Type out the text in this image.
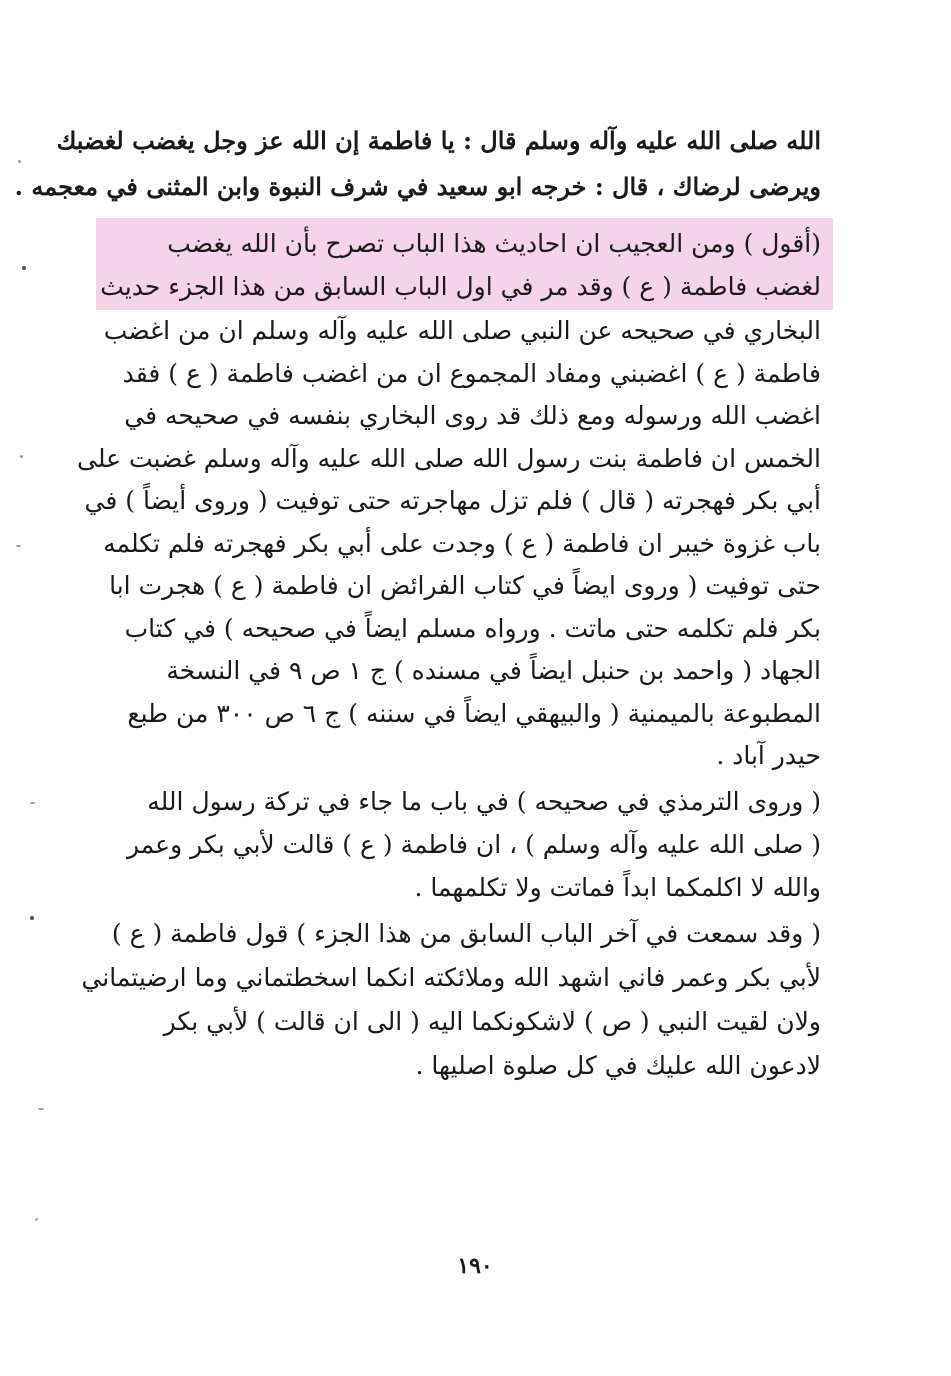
الله صلى الله عليه وآله وسلم قال : يا فاطمة إن الله عز وجل يغضب لغضبك
ويرضى لرضاك ، قال : خرجه ابو سعيد في شرف النبوة وابن المثنى في معجمه .
(أقول ) ومن العجيب ان احاديث هذا الباب تصرح بأن الله يغضب
لغضب فاطمة ( ع ) وقد مر في اول الباب السابق من هذا الجزء حديث
البخاري في صحيحه عن النبي صلى الله عليه وآله وسلم ان من اغضب
فاطمة ( ع ) اغضبني ومفاد المجموع ان من اغضب فاطمة ( ع ) فقد
اغضب الله ورسوله ومع ذلك قد روى البخاري بنفسه في صحيحه في
الخمس ان فاطمة بنت رسول الله صلى الله عليه وآله وسلم غضبت على
أبي بكر فهجرته ( قال ) فلم تزل مهاجرته حتى توفيت ( وروى أيضاً ) في
باب غزوة خيبر ان فاطمة ( ع ) وجدت على أبي بكر فهجرته فلم تكلمه
حتى توفيت ( وروى ايضاً في كتاب الفرائض ان فاطمة ( ع ) هجرت ابا
بكر فلم تكلمه حتى ماتت . ورواه مسلم ايضاً في صحيحه ) في كتاب
الجهاد ( واحمد بن حنبل ايضاً في مسنده ) ج ١ ص ٩ في النسخة
المطبوعة بالميمنية ( والبيهقي ايضاً في سننه ) ج ٦ ص ٣٠٠ من طبع
حيدر آباد .
( وروى الترمذي في صحيحه ) في باب ما جاء في تركة رسول الله
( صلى الله عليه وآله وسلم ) ، ان فاطمة ( ع ) قالت لأبي بكر وعمر
والله لا اكلمكما ابداً فماتت ولا تكلمهما .
( وقد سمعت في آخر الباب السابق من هذا الجزء ) قول فاطمة ( ع )
لأبي بكر وعمر فاني اشهد الله وملائكته انكما اسخطتماني وما ارضيتماني
ولان لقيت النبي ( ص ) لاشكونكما اليه ( الى ان قالت ) لأبي بكر
لادعون الله عليك في كل صلوة اصليها .
١٩٠
